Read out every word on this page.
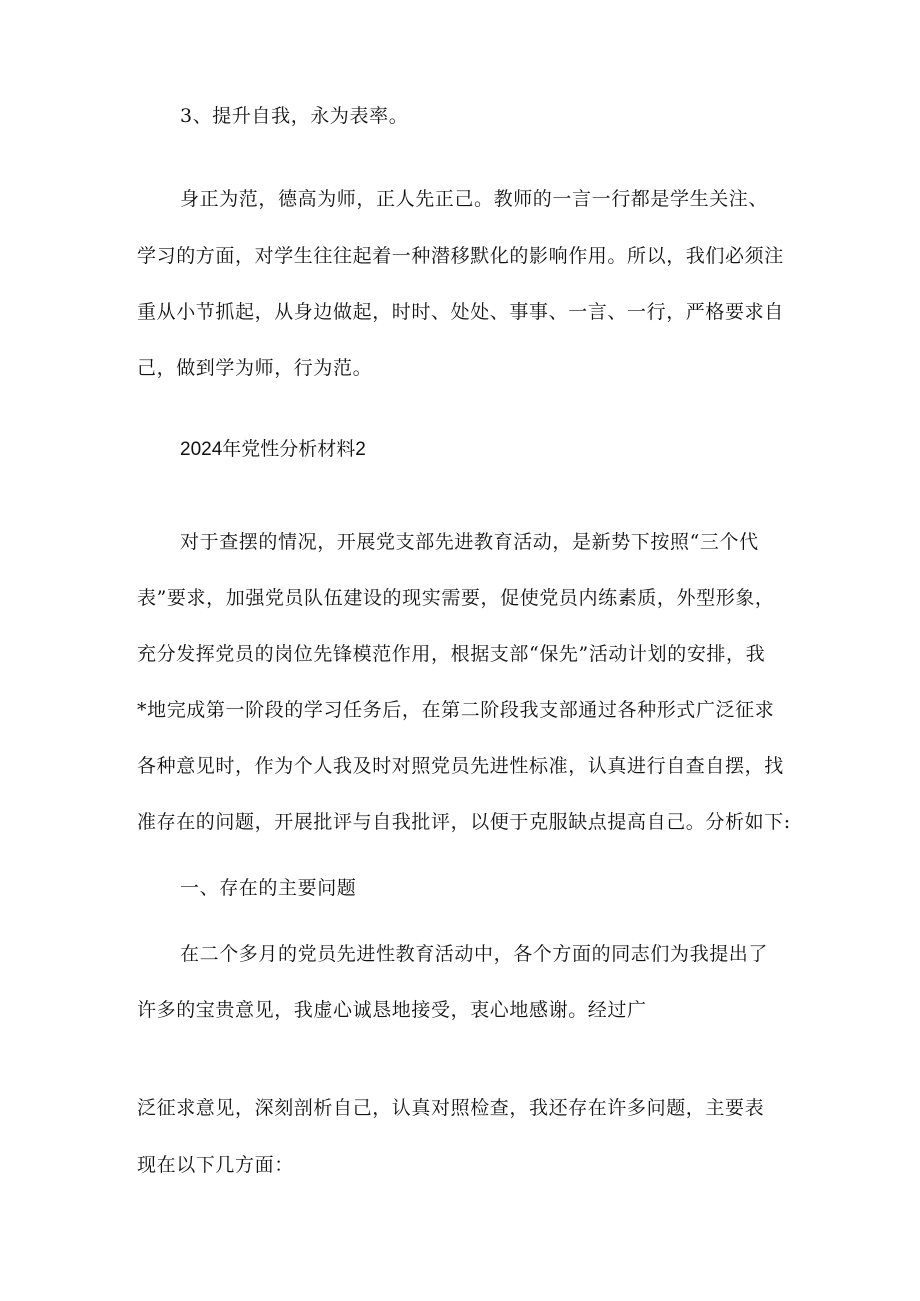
3、提升自我，永为表率。
身正为范，德高为师，正人先正己。教师的一言一行都是学生关注、
学习的方面，对学生往往起着一种潜移默化的影响作用。所以，我们必须注
重从小节抓起，从身边做起，时时、处处、事事、一言、一行，严格要求自
己，做到学为师，行为范。
2024年党性分析材料2
对于查摆的情况，开展党支部先进教育活动，是新势下按照“三个代
表”要求，加强党员队伍建设的现实需要，促使党员内练素质，外型形象，
充分发挥党员的岗位先锋模范作用，根据支部“保先”活动计划的安排，我
*地完成第一阶段的学习任务后，在第二阶段我支部通过各种形式广泛征求
各种意见时，作为个人我及时对照党员先进性标准，认真进行自查自摆，找
准存在的问题，开展批评与自我批评，以便于克服缺点提高自己。分析如下:
一、存在的主要问题
在二个多月的党员先进性教育活动中，各个方面的同志们为我提出了
许多的宝贵意见，我虚心诚恳地接受，衷心地感谢。经过广
泛征求意见，深刻剖析自己，认真对照检查，我还存在许多问题，主要表
现在以下几方面：
